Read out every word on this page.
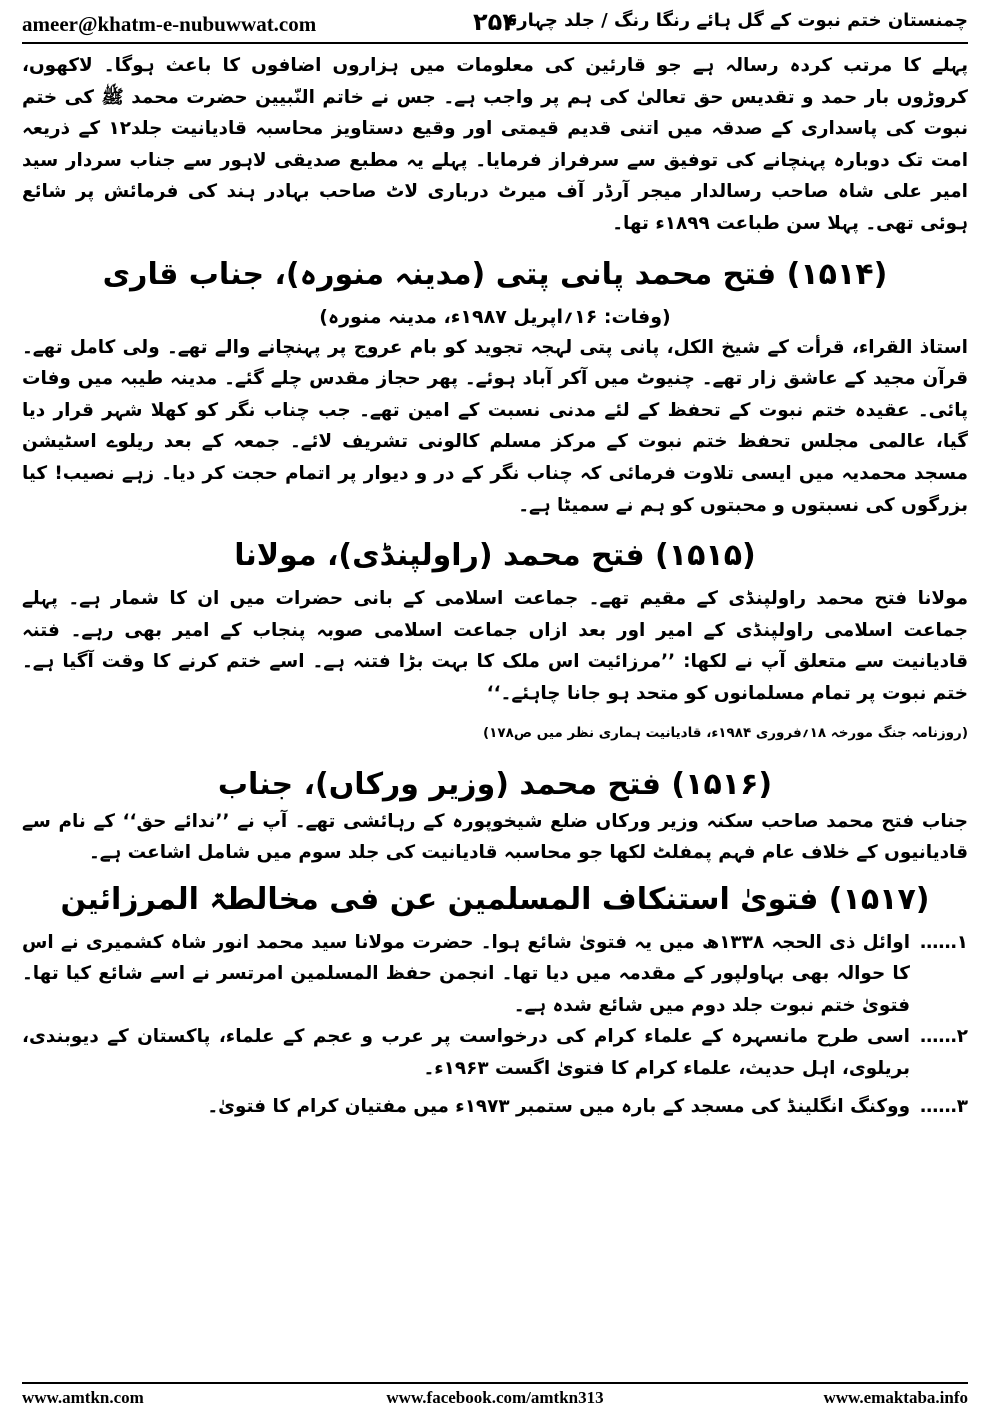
ameer@khatm-e-nubuwwat.com	۲۵۴
چمنستان ختم نبوت کے گل ہائے رنگا رنگ / جلد چہارم

پہلے کا مرتب کردہ رسالہ ہے جو قارئین کی معلومات میں ہزاروں اضافوں کا باعث ہوگا۔ لاکھوں، کروڑوں بار حمد و تقدیس حق تعالیٰ کی ہم پر واجب ہے۔ جس نے خاتم النّبیین حضرت محمد ﷺ کی ختم نبوت کی پاسداری کے صدقہ میں اتنی قدیم قیمتی اور وقیع دستاویز محاسبہ قادیانیت جلد۱۲ کے ذریعہ امت تک دوبارہ پہنچانے کی توفیق سے سرفراز فرمایا۔ پہلے یہ مطبع صدیقی لاہور سے جناب سردار سید امیر علی شاہ صاحب رسالدار میجر آرڈر آف میرٹ درباری لاٹ صاحب بہادر ہند کی فرمائش پر شائع ہوئی تھی۔ پہلا سن طباعت ۱۸۹۹ء تھا۔

(۱۵۱۴) فتح محمد پانی پتی (مدینہ منورہ)، جناب قاری
(وفات: ۱۶؍اپریل ۱۹۸۷ء، مدینہ منورہ)

استاذ القراء، قرأت کے شیخ الکل، پانی پتی لہجہ تجوید کو بام عروج پر پہنچانے والے تھے۔ ولی کامل تھے۔ قرآن مجید کے عاشق زار تھے۔ چنیوٹ میں آکر آباد ہوئے۔ پھر حجاز مقدس چلے گئے۔ مدینہ طیبہ میں وفات پائی۔ عقیدہ ختم نبوت کے تحفظ کے لئے مدنی نسبت کے امین تھے۔ جب چناب نگر کو کھلا شہر قرار دیا گیا، عالمی مجلس تحفظ ختم نبوت کے مرکز مسلم کالونی تشریف لائے۔ جمعہ کے بعد ریلوے اسٹیشن مسجد محمدیہ میں ایسی تلاوت فرمائی کہ چناب نگر کے در و دیوار پر اتمام حجت کر دیا۔ زہے نصیب! کیا بزرگوں کی نسبتوں و محبتوں کو ہم نے سمیٹا ہے۔

(۱۵۱۵) فتح محمد (راولپنڈی)، مولانا

مولانا فتح محمد راولپنڈی کے مقیم تھے۔ جماعت اسلامی کے بانی حضرات میں ان کا شمار ہے۔ پہلے جماعت اسلامی راولپنڈی کے امیر اور بعد ازاں جماعت اسلامی صوبہ پنجاب کے امیر بھی رہے۔ فتنہ قادیانیت سے متعلق آپ نے لکھا: ’’مرزائیت اس ملک کا بہت بڑا فتنہ ہے۔ اسے ختم کرنے کا وقت آگیا ہے۔ ختم نبوت پر تمام مسلمانوں کو متحد ہو جانا چاہئے۔‘‘

(روزنامہ جنگ مورخہ ۱۸؍فروری ۱۹۸۴ء، قادیانیت ہماری نظر میں ص۱۷۸)
(۱۵۱۶) فتح محمد (وزیر ورکاں)، جناب

جناب فتح محمد صاحب سکنہ وزیر ورکاں ضلع شیخوپورہ کے رہائشی تھے۔ آپ نے ’’ندائے حق‘‘ کے نام سے قادیانیوں کے خلاف عام فہم پمفلٹ لکھا جو محاسبہ قادیانیت کی جلد سوم میں شامل اشاعت ہے۔

(۱۵۱۷) فتویٰ استنکاف المسلمین عن فی مخالطۃ المرزائین
۱……
اوائل ذی الحجہ ۱۳۳۸ھ میں یہ فتویٰ شائع ہوا۔ حضرت مولانا سید محمد انور شاہ کشمیری نے اس کا حوالہ بھی بہاولپور کے مقدمہ میں دیا تھا۔ انجمن حفظ المسلمین امرتسر نے اسے شائع کیا تھا۔ فتویٰ ختم نبوت جلد دوم میں شائع شدہ ہے۔
۲……
اسی طرح مانسہرہ کے علماء کرام کی درخواست پر عرب و عجم کے علماء، پاکستان کے دیوبندی، بریلوی، اہل حدیث، علماء کرام کا فتویٰ اگست ۱۹۶۳ء۔
۳……
ووکنگ انگلینڈ کی مسجد کے بارہ میں ستمبر ۱۹۷۳ء میں مفتیان کرام کا فتویٰ۔
www.amtkn.com	www.facebook.com/amtkn313	www.emaktaba.info
